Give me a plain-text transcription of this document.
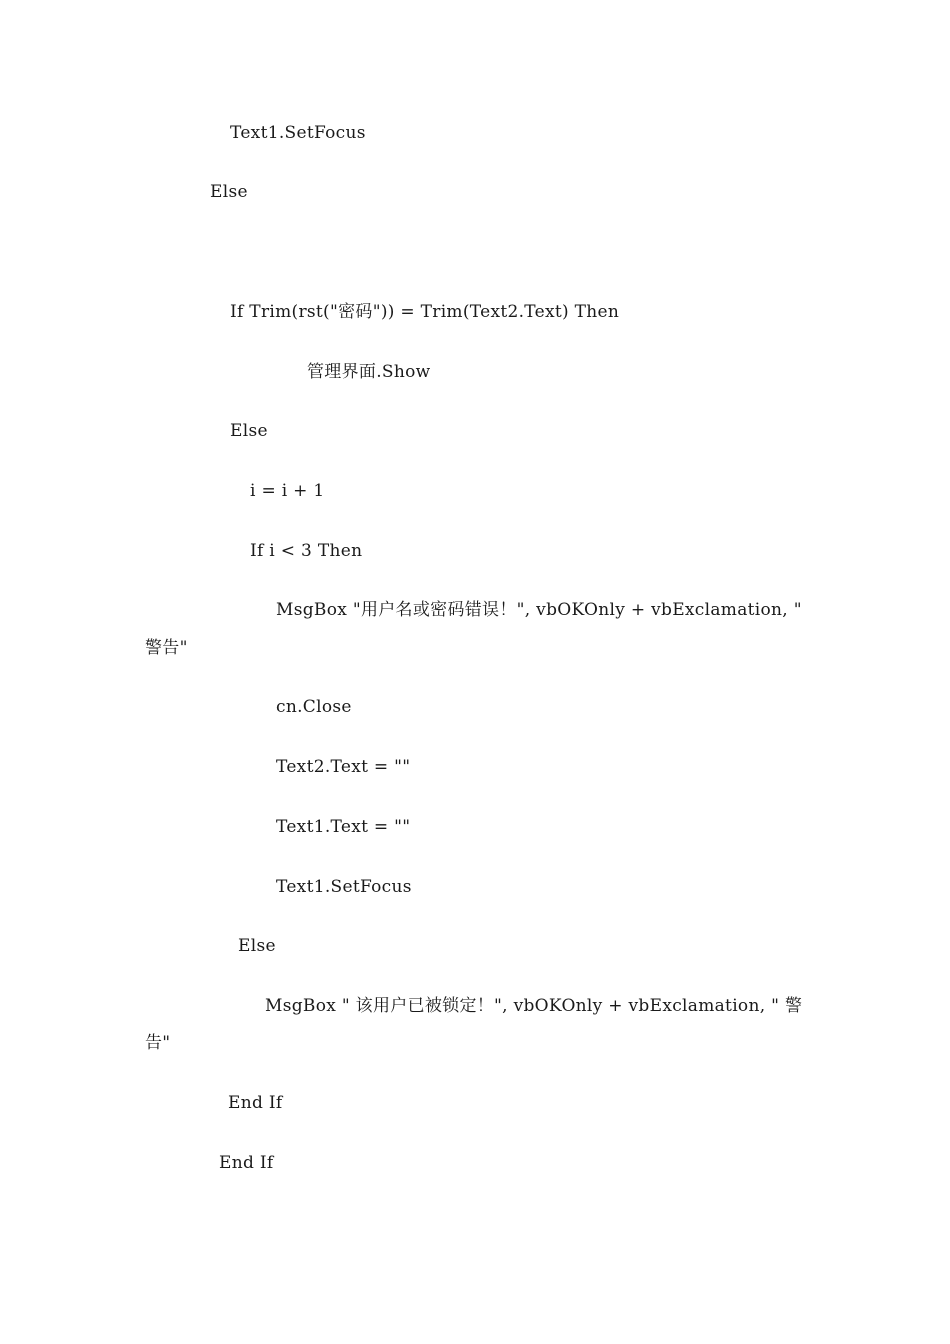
Text1.SetFocus
Else
If Trim(rst("密码")) = Trim(Text2.Text) Then
管理界面.Show
Else
i = i + 1
If i < 3 Then
MsgBox "用户名或密码错误！", vbOKOnly + vbExclamation, "
警告"
cn.Close
Text2.Text = ""
Text1.Text = ""
Text1.SetFocus
Else
MsgBox " 该用户已被锁定！", vbOKOnly + vbExclamation, " 警
告"
End If
End If
